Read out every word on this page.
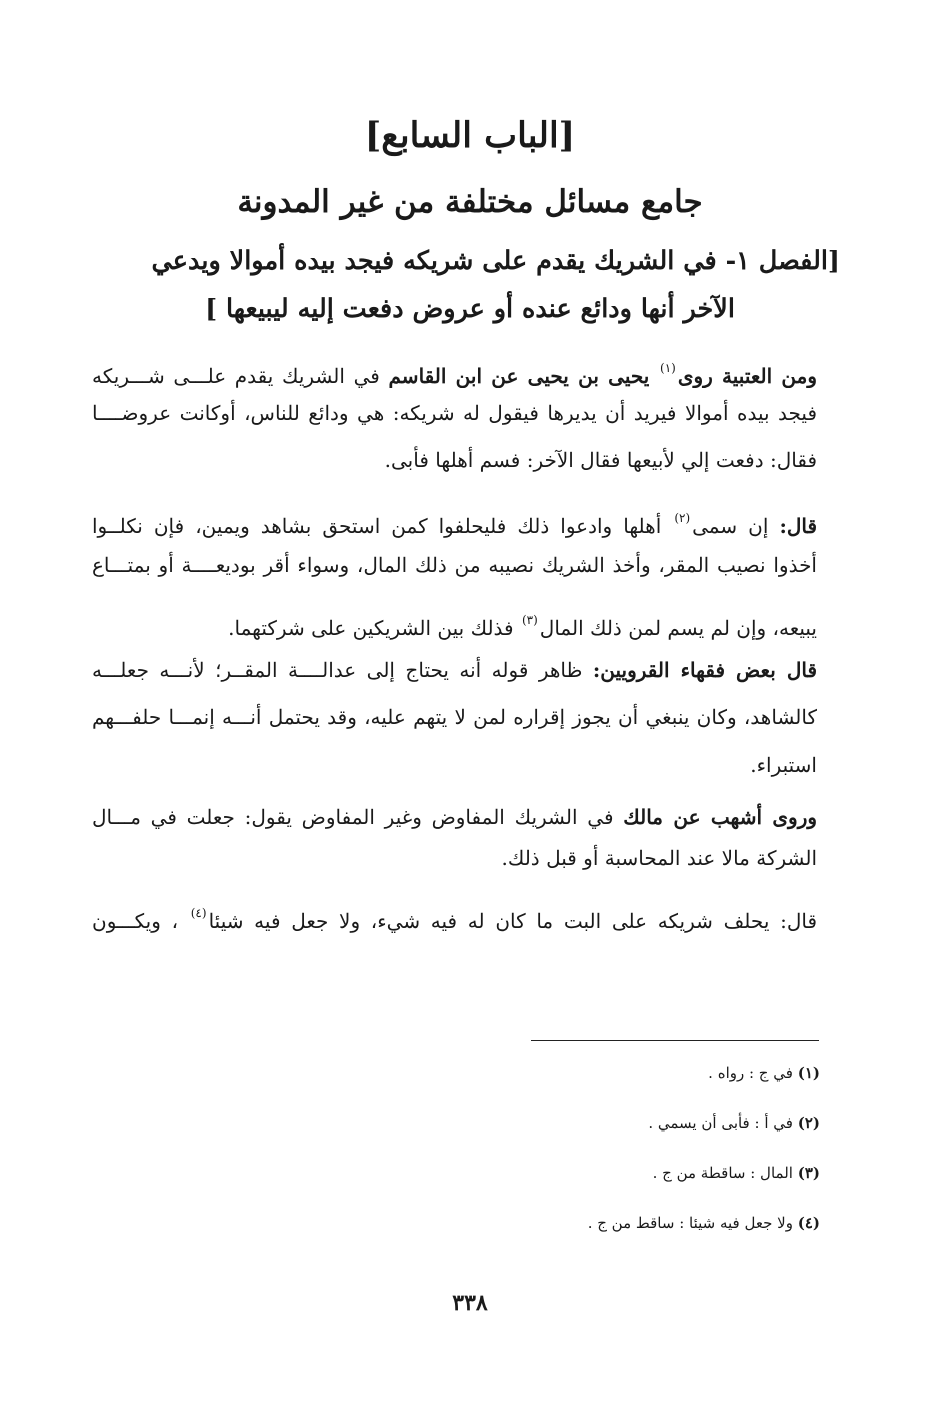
[الباب السابع]
جامع مسائل مختلفة من غير المدونة
[الفصل ١- في الشريك يقدم على شريكه فيجد بيده أموالا ويدعي
الآخر أنها ودائع عنده أو عروض دفعت إليه ليبيعها ]
ومن العتبية روى$^{(١)}$ يحيى بن يحيى عن ابن القاسم في الشريك يقدم علـــى شـــريكه
فيجد بيده أموالا فيريد أن يديرها فيقول له شريكه: هي ودائع للناس، أوكانت عروضــــا
فقال: دفعت إلي لأبيعها فقال الآخر: فسم أهلها فأبى.
قال: إن سمى$^{(٢)}$ أهلها وادعوا ذلك فليحلفوا كمن استحق بشاهد ويمين، فإن نكلــوا
أخذوا نصيب المقر، وأخذ الشريك نصيبه من ذلك المال، وسواء أقر بوديعــــة أو بمتـــاع
يبيعه، وإن لم يسم لمن ذلك المال$^{(٣)}$ فذلك بين الشريكين على شركتهما.
قال بعض فقهاء القرويين: ظاهر قوله أنه يحتاج إلى عدالــــة المقــر؛ لأنـــه جعلـــه
كالشاهد، وكان ينبغي أن يجوز إقراره لمن لا يتهم عليه، وقد يحتمل أنـــه إنمـــا حلفـــهم
استبراء.
وروى أشهب عن مالك في الشريك المفاوض وغير المفاوض يقول: جعلت في مـــال
الشركة مالا عند المحاسبة أو قبل ذلك.
قال: يحلف شريكه على البت ما كان له فيه شيء، ولا جعل فيه شيئا$^{(٤)}$ ، ويكـــون
(١) في ج : رواه .
(٢) في أ : فأبى أن يسمي .
(٣) المال : ساقطة من ج .
(٤) ولا جعل فيه شيئا : ساقط من ج .
٣٣٨
